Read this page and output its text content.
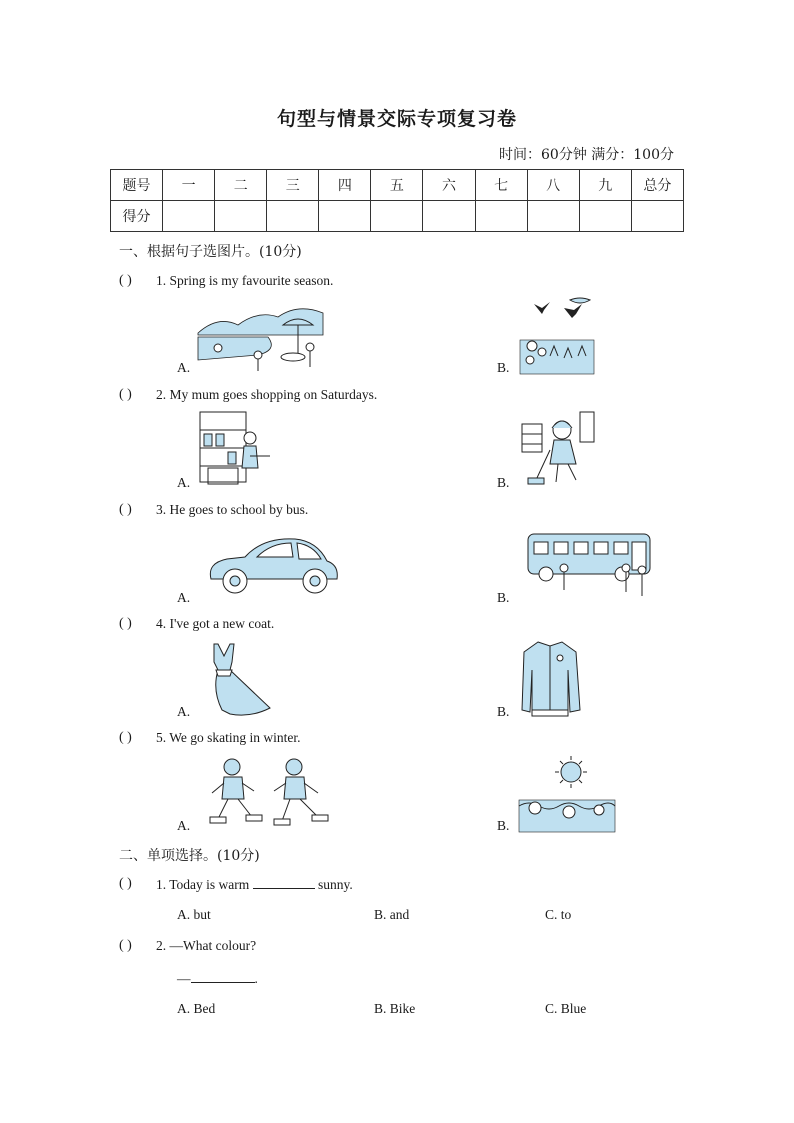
句型与情景交际专项复习卷
时间：60分钟 满分：100分
题号	一	二	三	四	五	六	七	八	九	总分
得分										
一、根据句子选图片。(10分)
( ) 1. Spring is my favourite season.
A.	B.
( ) 2. My mum goes shopping on Saturdays.
A.	B.
( ) 3. He goes to school by bus.
A.	B.
( ) 4. I've got a new coat.
A.	B.
( ) 5. We go skating in winter.
A.	B.
二、单项选择。(10分)
( ) 1. Today is warm	sunny.
A. but	B. and	C. to
( ) 2. —What colour?
—	.
A. Bed	B. Bike	C. Blue
